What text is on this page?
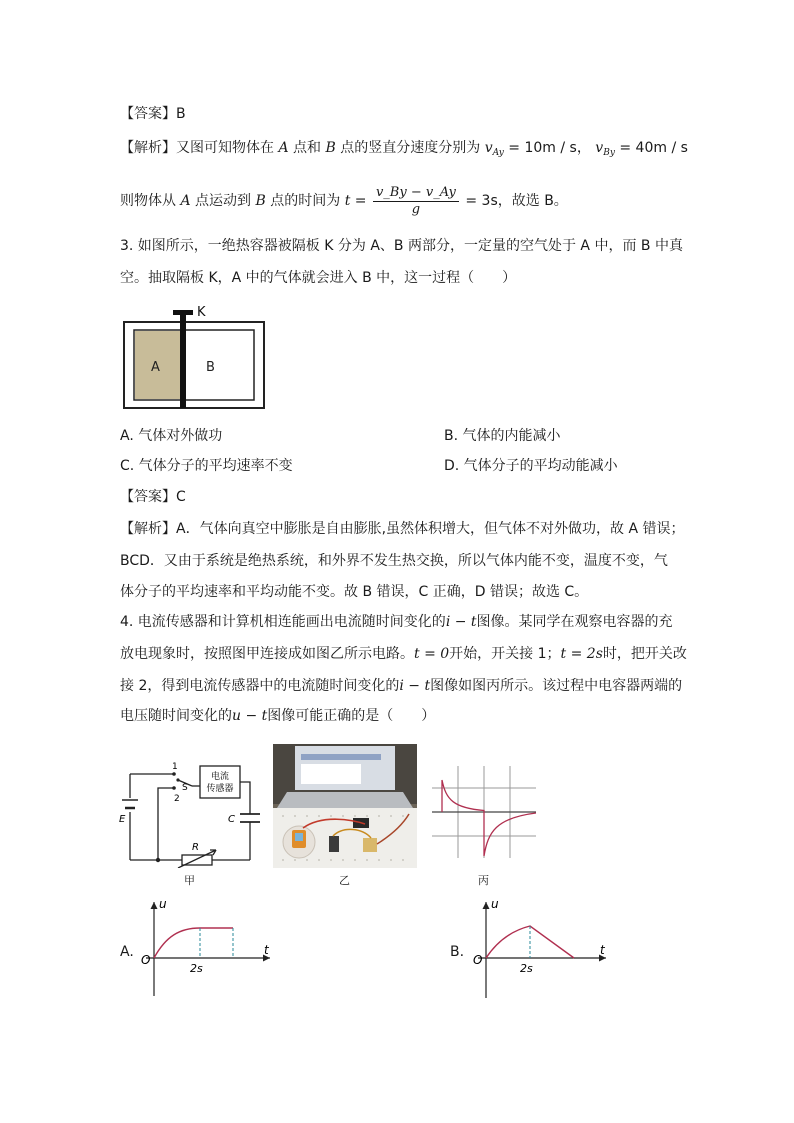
【答案】B
【解析】又图可知物体在 A 点和 B 点的竖直分速度分别为 $v_{Ay} = 10m / s$， $v_{By} = 40m / s$
则物体从 A 点运动到 B 点的时间为 $t = \frac{v\_By - v\_Ay}{g} = 3s$，故选 B。
3. 如图所示，一绝热容器被隔板 K 分为 A、B 两部分，一定量的空气处于 A 中，而 B 中真
空。抽取隔板 K，A 中的气体就会进入 B 中，这一过程（　　）
K
A	B
A. 气体对外做功	B. 气体的内能减小
C. 气体分子的平均速率不变	D. 气体分子的平均动能减小
【答案】C
【解析】A．气体向真空中膨胀是自由膨胀,虽然体积增大，但气体不对外做功，故 A 错误；
BCD．又由于系统是绝热系统，和外界不发生热交换，所以气体内能不变，温度不变，气
体分子的平均速率和平均动能不变。故 B 错误，C 正确，D 错误；故选 C。
4. 电流传感器和计算机相连能画出电流随时间变化的i − t图像。某同学在观察电容器的充
放电现象时，按照图甲连接成如图乙所示电路。t = 0开始，开关接 1；t = 2s时，把开关改
接 2，得到电流传感器中的电流随时间变化的i − t图像如图丙所示。该过程中电容器两端的
电压随时间变化的u − t图像可能正确的是（　　）
电流
传感器
1
2
S
E	C
R
甲	乙	丙
A.
u
t
O
2s
B.
u
t
O
2s
